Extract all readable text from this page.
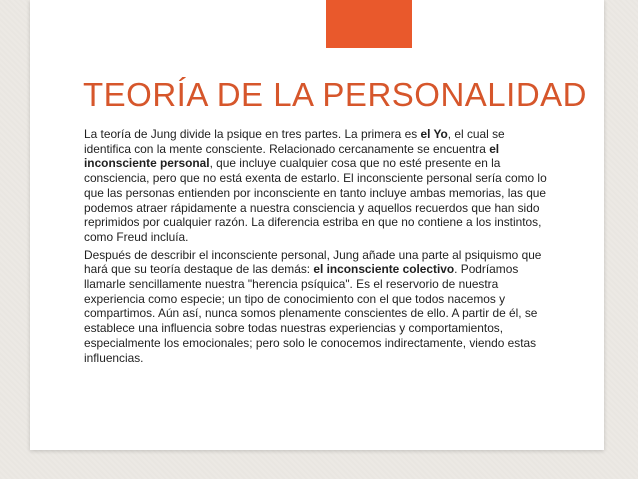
TEORÍA DE LA PERSONALIDAD

La teoría de Jung divide la psique en tres partes. La primera es el Yo, el cual se identifica con la mente consciente. Relacionado cercanamente se encuentra el inconsciente personal, que incluye cualquier cosa que no esté presente en la consciencia, pero que no está exenta de estarlo. El inconsciente personal sería como lo que las personas entienden por inconsciente en tanto incluye ambas memorias, las que podemos atraer rápidamente a nuestra consciencia y aquellos recuerdos que han sido reprimidos por cualquier razón. La diferencia estriba en que no contiene a los instintos, como Freud incluía.

Después de describir el inconsciente personal, Jung añade una parte al psiquismo que hará que su teoría destaque de las demás: el inconsciente colectivo. Podríamos llamarle sencillamente nuestra "herencia psíquica". Es el reservorio de nuestra experiencia como especie; un tipo de conocimiento con el que todos nacemos y compartimos. Aún así, nunca somos plenamente conscientes de ello. A partir de él, se establece una influencia sobre todas nuestras experiencias y comportamientos, especialmente los emocionales; pero solo le conocemos indirectamente, viendo estas influencias.
